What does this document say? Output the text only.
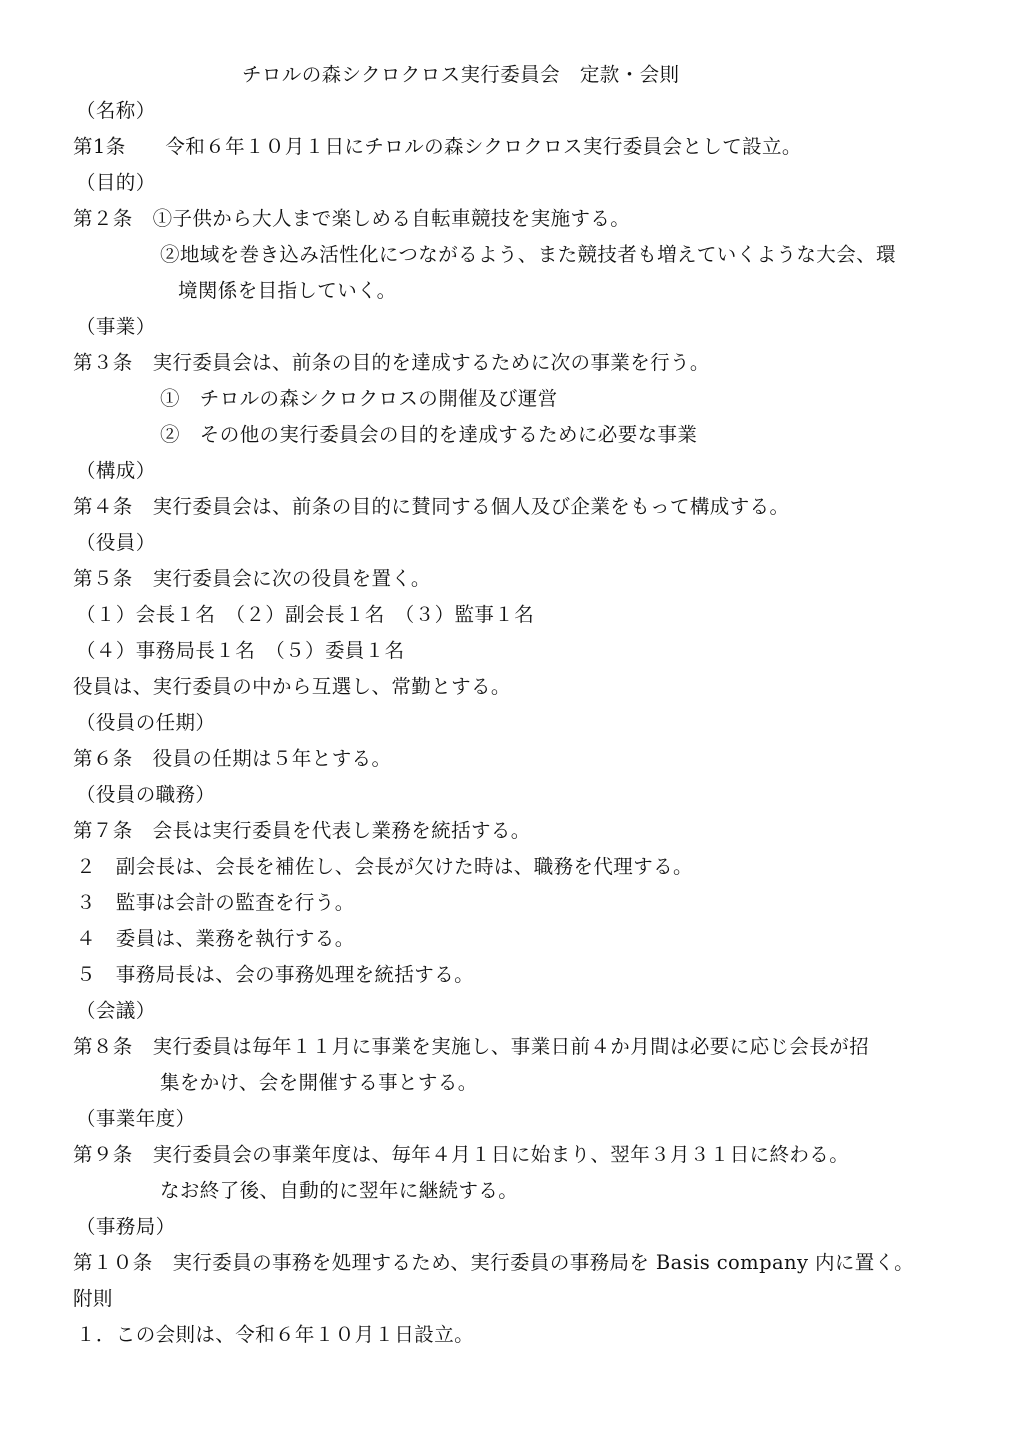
チロルの森シクロクロス実行委員会　定款・会則
（名称）
第1条　　令和６年１０月１日にチロルの森シクロクロス実行委員会として設立。
（目的）
第２条　①子供から大人まで楽しめる自転車競技を実施する。
②地域を巻き込み活性化につながるよう、また競技者も増えていくような大会、環
境関係を目指していく。
（事業）
第３条　実行委員会は、前条の目的を達成するために次の事業を行う。
①　チロルの森シクロクロスの開催及び運営
②　その他の実行委員会の目的を達成するために必要な事業
（構成）
第４条　実行委員会は、前条の目的に賛同する個人及び企業をもって構成する。
（役員）
第５条　実行委員会に次の役員を置く。
（１）会長１名　（２）副会長１名　（３）監事１名
（４）事務局長１名　（５）委員１名
役員は、実行委員の中から互選し、常勤とする。
（役員の任期）
第６条　役員の任期は５年とする。
（役員の職務）
第７条　会長は実行委員を代表し業務を統括する。
２　副会長は、会長を補佐し、会長が欠けた時は、職務を代理する。
３　監事は会計の監査を行う。
４　委員は、業務を執行する。
５　事務局長は、会の事務処理を統括する。
（会議）
第８条　実行委員は毎年１１月に事業を実施し、事業日前４か月間は必要に応じ会長が招
集をかけ、会を開催する事とする。
（事業年度）
第９条　実行委員会の事業年度は、毎年４月１日に始まり、翌年３月３１日に終わる。
なお終了後、自動的に翌年に継続する。
（事務局）
第１０条　実行委員の事務を処理するため、実行委員の事務局を Basis company 内に置く。
附則
１．この会則は、令和６年１０月１日設立。
